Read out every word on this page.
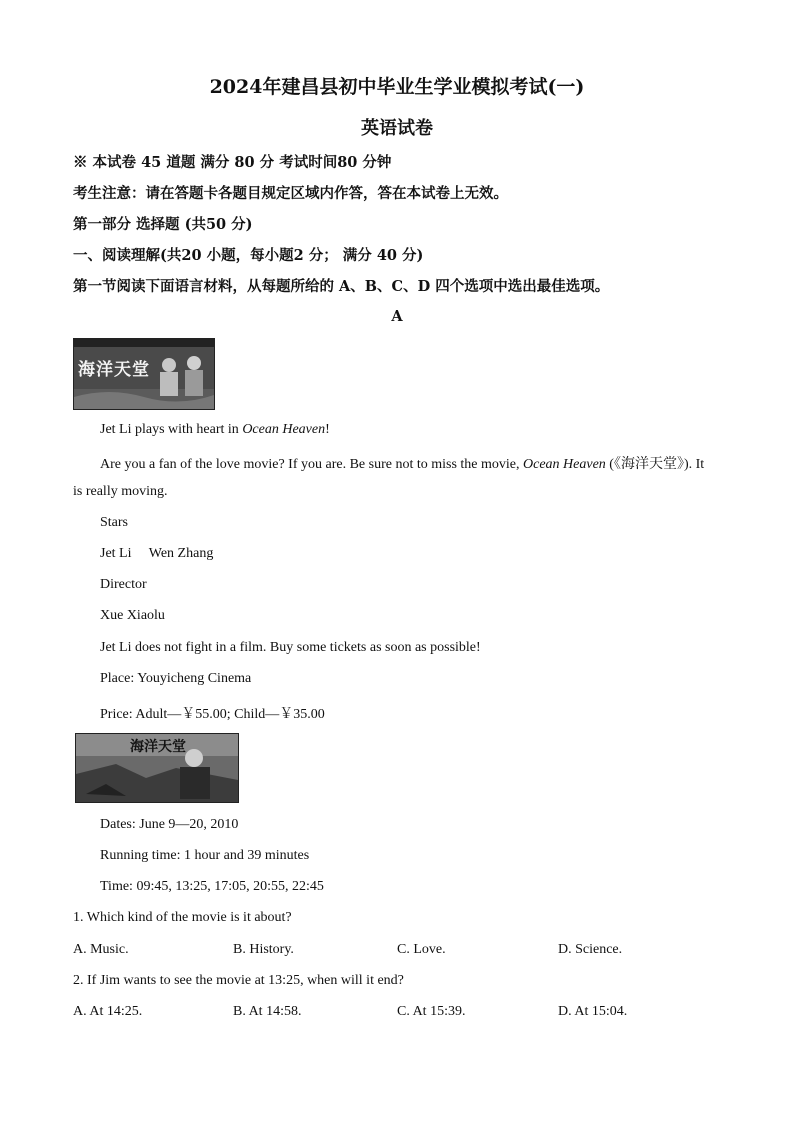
2024年建昌县初中毕业生学业模拟考试(一)
英语试卷
※ 本试卷 45 道题 满分 80 分 考试时间80 分钟
考生注意：请在答题卡各题目规定区域内作答，答在本试卷上无效。
第一部分 选择题 (共50 分)
一、阅读理解(共20 小题，每小题2 分； 满分 40 分)
第一节阅读下面语言材料，从每题所给的 A、B、C、D 四个选项中选出最佳选项。
A
海洋天堂
Jet Li plays with heart in Ocean Heaven!
Are you a fan of the love movie? If you are. Be sure not to miss the movie, Ocean Heaven (《海洋天堂》). It
is really moving.
Stars
Jet Li     Wen Zhang
Director
Xue Xiaolu
Jet Li does not fight in a film. Buy some tickets as soon as possible!
Place: Youyicheng Cinema
Price: Adult—￥55.00; Child—￥35.00
海洋天堂
Dates: June 9—20, 2010
Running time: 1 hour and 39 minutes
Time: 09:45, 13:25, 17:05, 20:55, 22:45
1. Which kind of the movie is it about?
A. Music.	B. History.	C. Love.	D. Science.
2. If Jim wants to see the movie at 13:25, when will it end?
A. At 14:25.	B. At 14:58.	C. At 15:39.	D. At 15:04.
